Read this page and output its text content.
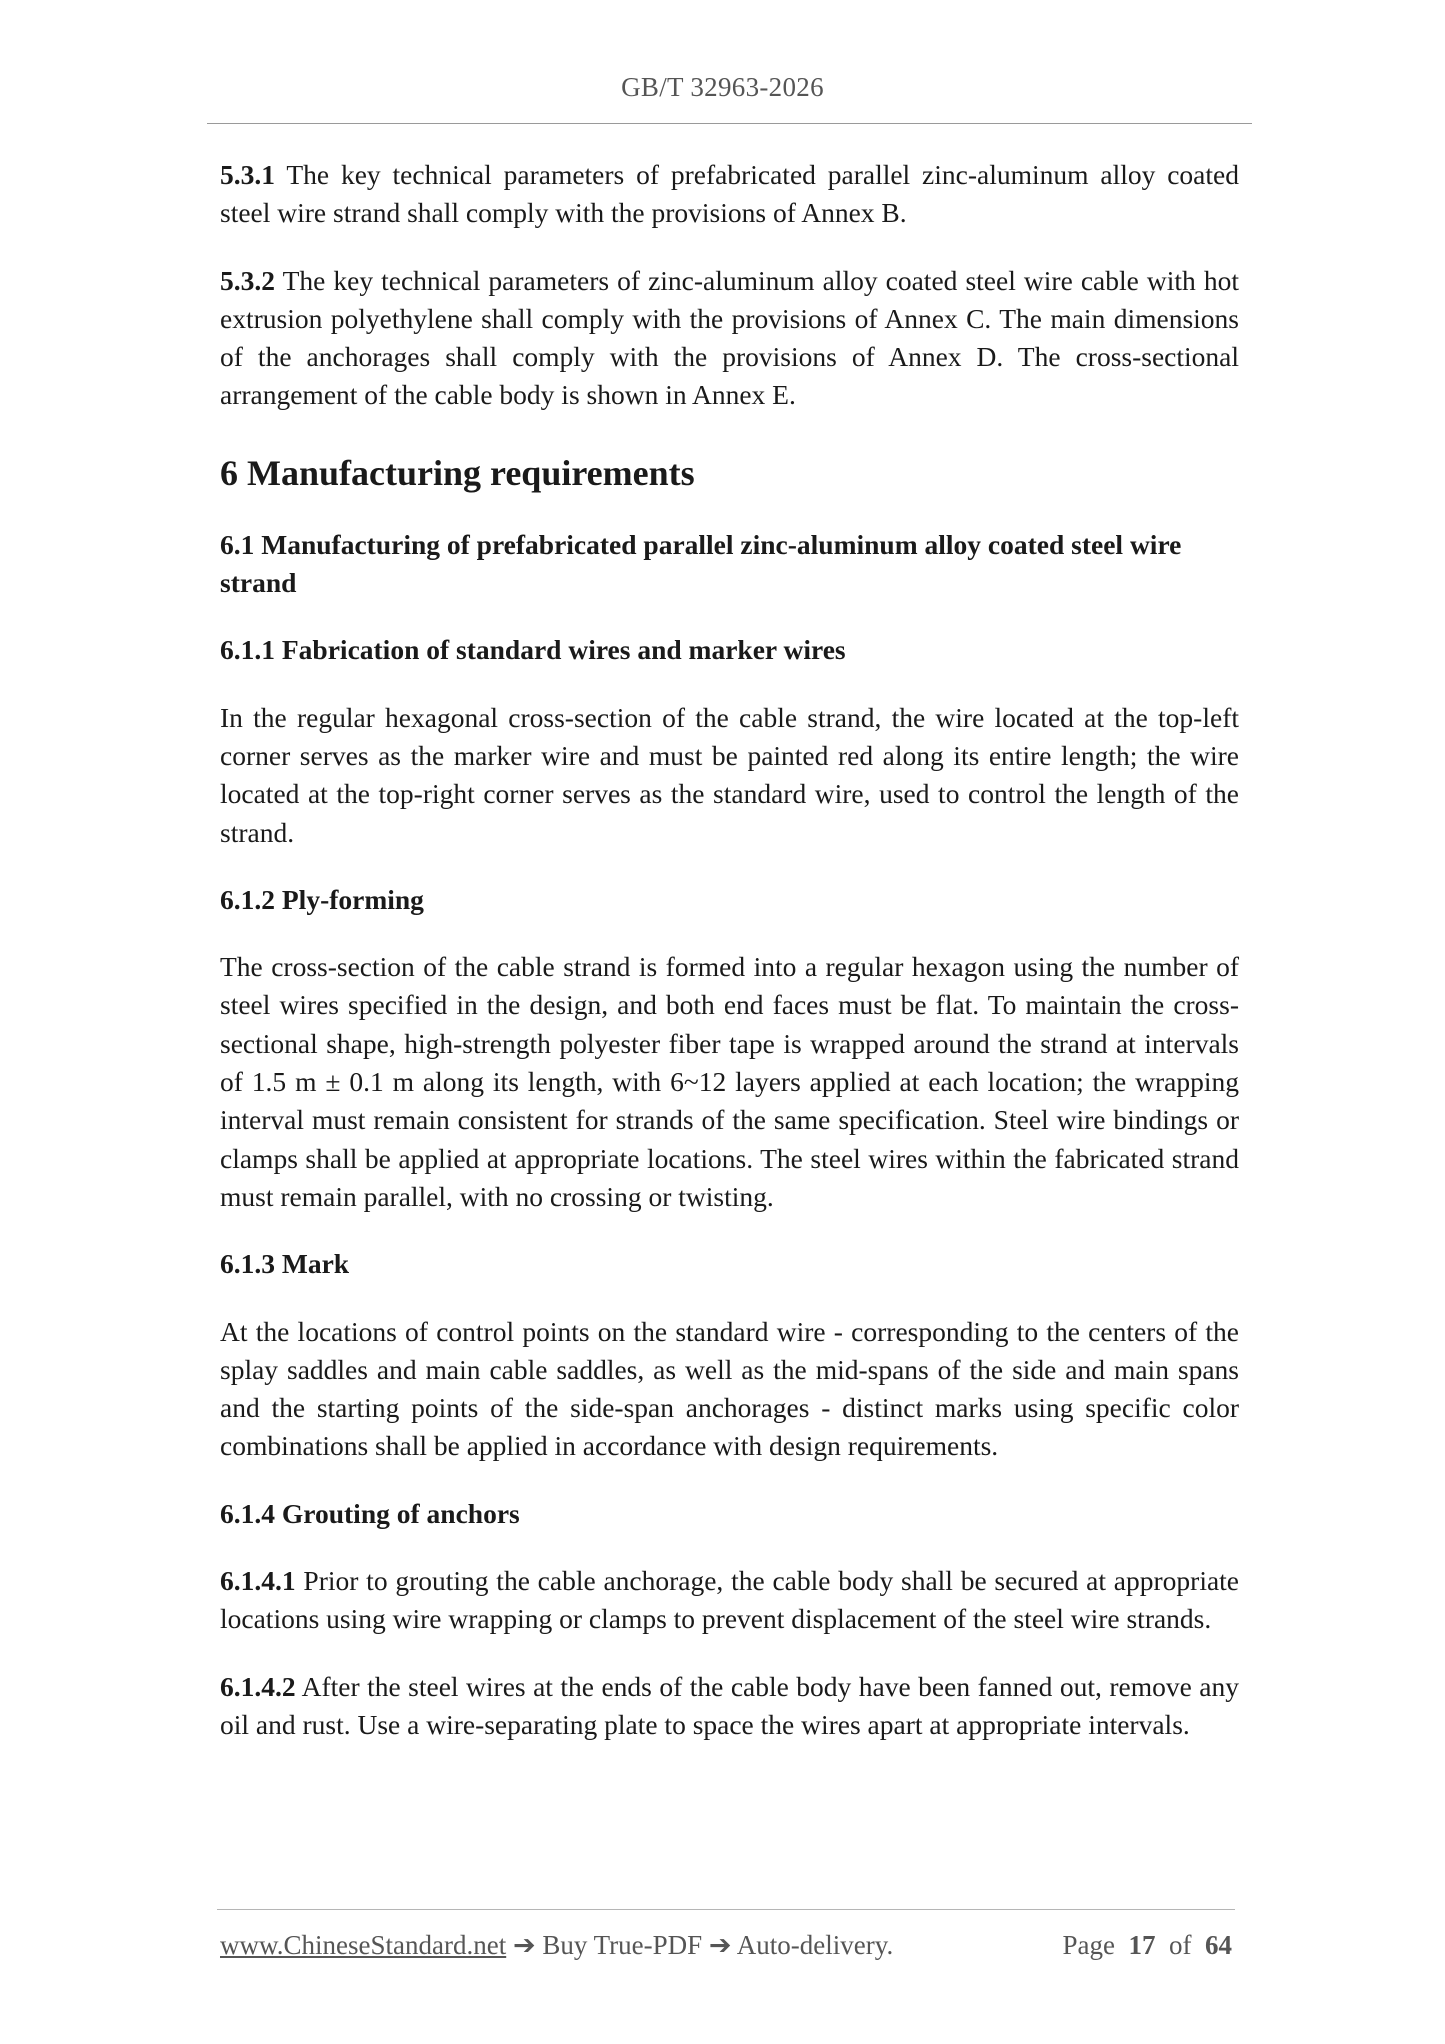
GB/T 32963-2026

5.3.1 The key technical parameters of prefabricated parallel zinc-aluminum alloy coated steel wire strand shall comply with the provisions of Annex B.

5.3.2 The key technical parameters of zinc-aluminum alloy coated steel wire cable with hot extrusion polyethylene shall comply with the provisions of Annex C. The main dimensions of the anchorages shall comply with the provisions of Annex D. The cross-sectional arrangement of the cable body is shown in Annex E.

6 Manufacturing requirements
6.1 Manufacturing of prefabricated parallel zinc-aluminum alloy coated steel wire strand
6.1.1 Fabrication of standard wires and marker wires

In the regular hexagonal cross-section of the cable strand, the wire located at the top-left corner serves as the marker wire and must be painted red along its entire length; the wire located at the top-right corner serves as the standard wire, used to control the length of the strand.

6.1.2 Ply-forming

The cross-section of the cable strand is formed into a regular hexagon using the number of steel wires specified in the design, and both end faces must be flat. To maintain the cross-sectional shape, high-strength polyester fiber tape is wrapped around the strand at intervals of 1.5 m ± 0.1 m along its length, with 6~12 layers applied at each location; the wrapping interval must remain consistent for strands of the same specification. Steel wire bindings or clamps shall be applied at appropriate locations. The steel wires within the fabricated strand must remain parallel, with no crossing or twisting.

6.1.3 Mark

At the locations of control points on the standard wire - corresponding to the centers of the splay saddles and main cable saddles, as well as the mid-spans of the side and main spans and the starting points of the side-span anchorages - distinct marks using specific color combinations shall be applied in accordance with design requirements.

6.1.4 Grouting of anchors

6.1.4.1 Prior to grouting the cable anchorage, the cable body shall be secured at appropriate locations using wire wrapping or clamps to prevent displacement of the steel wire strands.

6.1.4.2 After the steel wires at the ends of the cable body have been fanned out, remove any oil and rust. Use a wire-separating plate to space the wires apart at appropriate intervals.

www.ChineseStandard.net ➔ Buy True-PDF ➔ Auto-delivery.	Page 17 of 64
